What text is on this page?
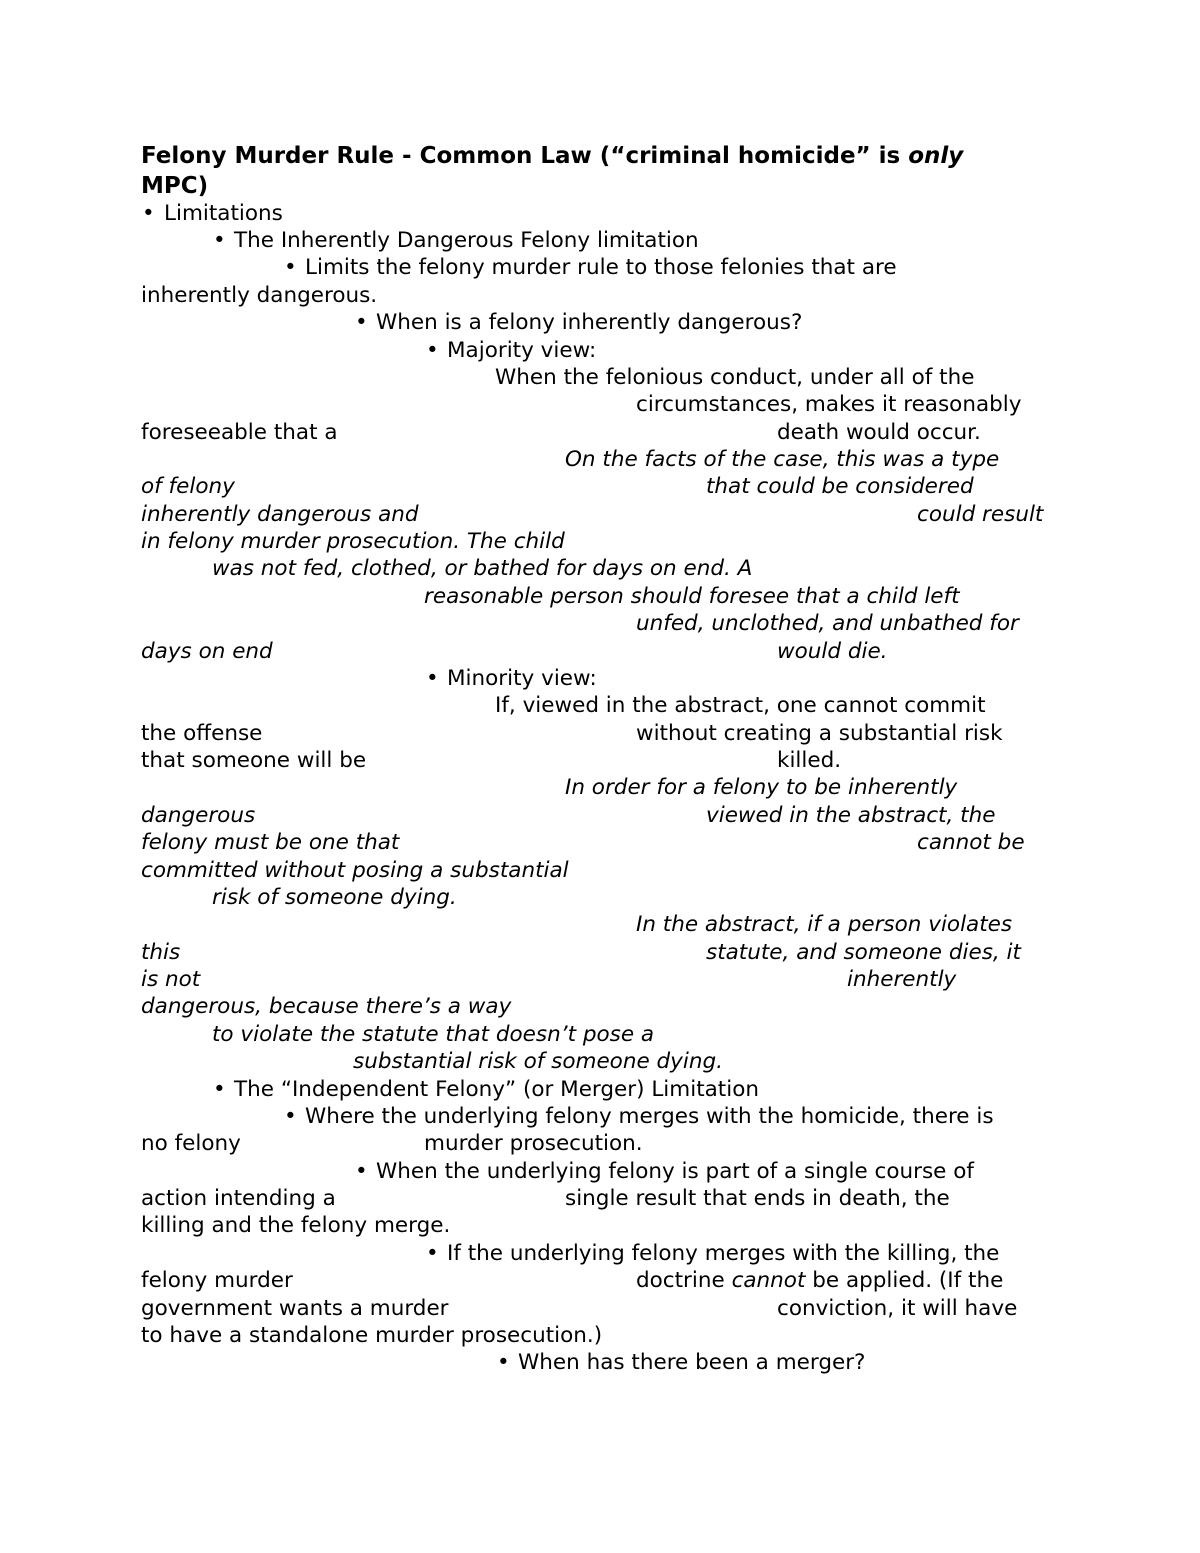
Felony Murder Rule - Common Law (“criminal homicide” is only

MPC)

•

Limitations

•

The Inherently Dangerous Felony limitation

•

Limits the felony murder rule to those felonies that are

inherently dangerous.

•

When is a felony inherently dangerous?

•

Majority view:

When the felonious conduct, under all of the

circumstances, makes it reasonably

foreseeable that a

	death would occur.

On the facts of the case, this was a type

of felony

	that could be considered

inherently dangerous and

	could result

in felony murder prosecution. The child

was not fed, clothed, or bathed for days on end. A

reasonable person should foresee that a child left

unfed, unclothed, and unbathed for

days on end

	would die.

•

Minority view:

If, viewed in the abstract, one cannot commit

the offense

	without creating a substantial risk

that someone will be

	killed.

In order for a felony to be inherently

dangerous

	viewed in the abstract, the

felony must be one that

	cannot be

committed without posing a substantial

risk of someone dying.

In the abstract, if a person violates

this

	statute, and someone dies, it

is not

	inherently

dangerous, because there’s a way

to violate the statute that doesn’t pose a

substantial risk of someone dying.

•

The “Independent Felony” (or Merger) Limitation

•

Where the underlying felony merges with the homicide, there is

no felony

	murder prosecution.

•

When the underlying felony is part of a single course of

action intending a

	single result that ends in death, the

killing and the felony merge.

•

If the underlying felony merges with the killing, the

felony murder

	doctrine cannot be applied. (If the

government wants a murder

	conviction, it will have

to have a standalone murder prosecution.)

•

When has there been a merger?
